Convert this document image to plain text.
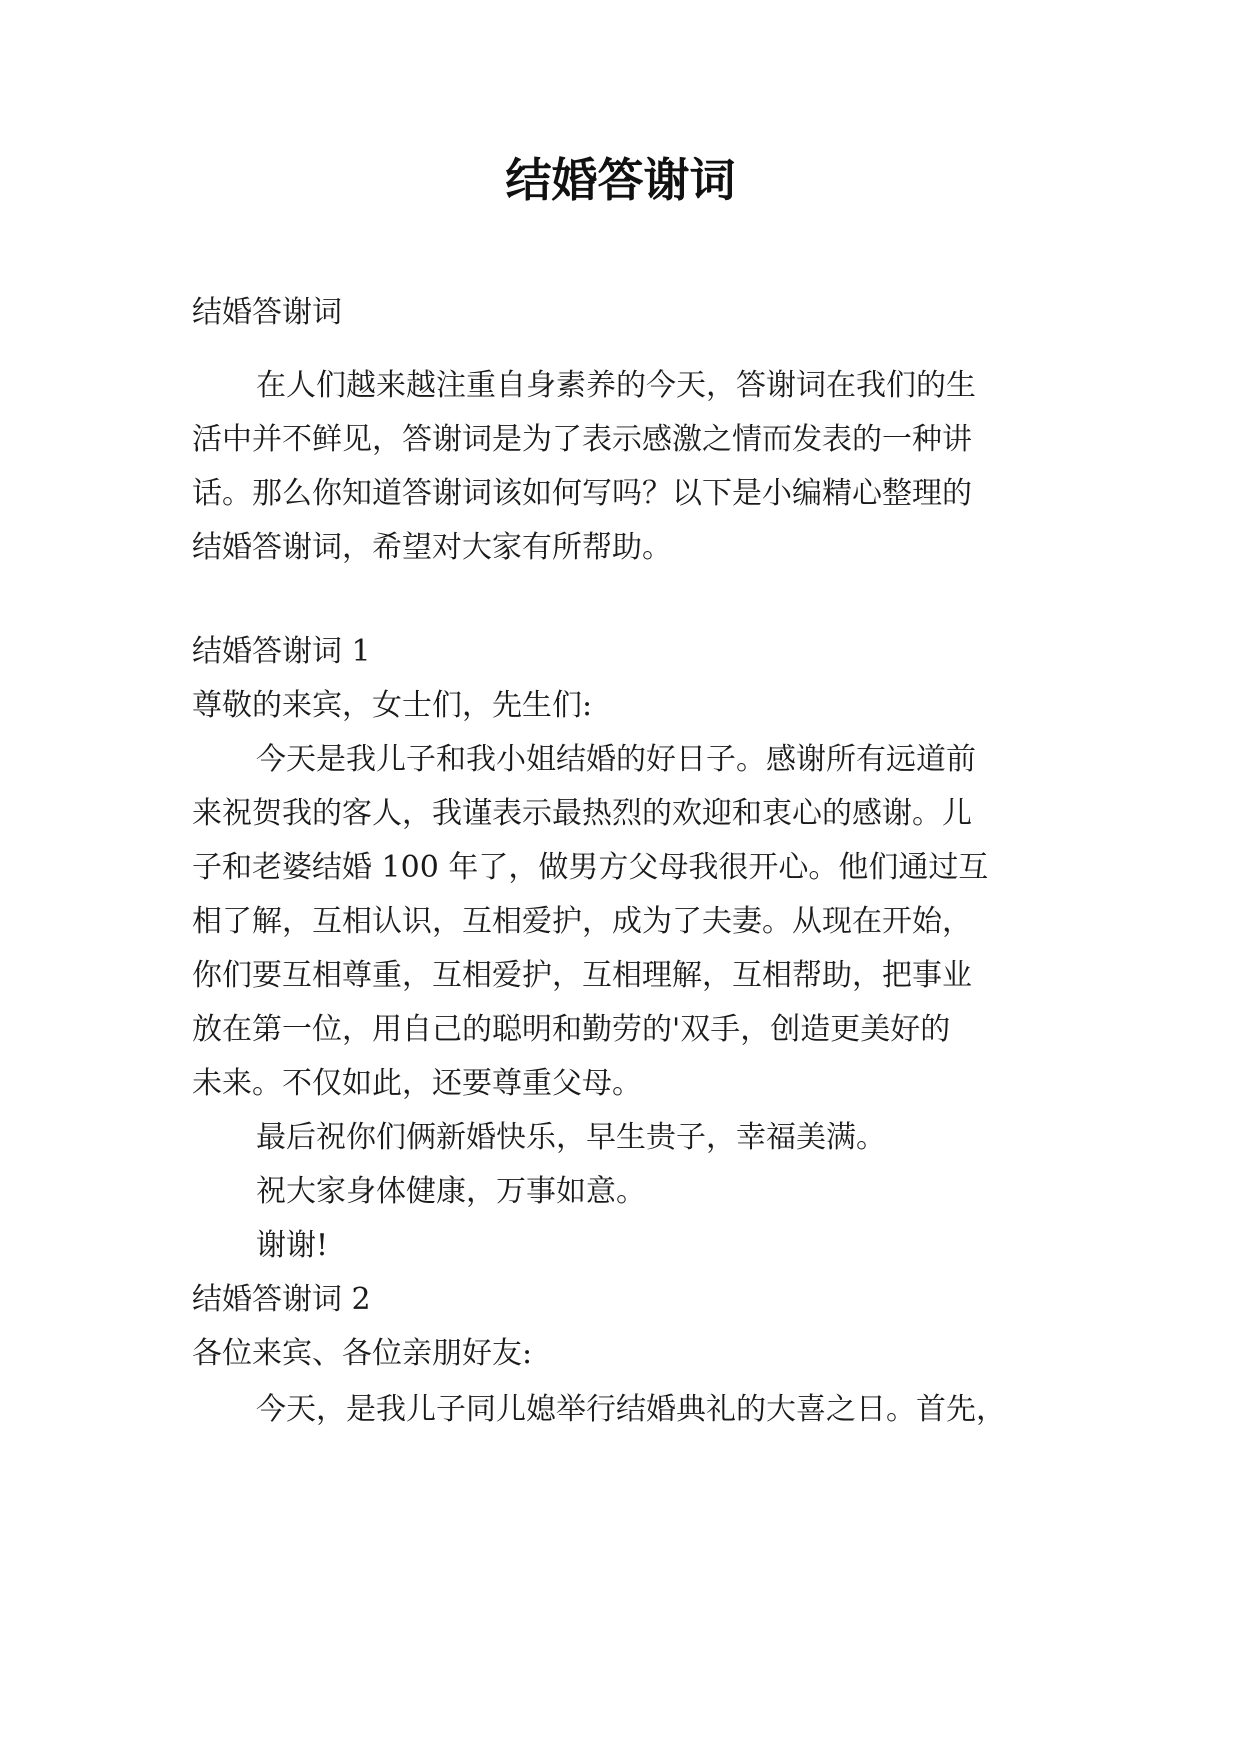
结婚答谢词
结婚答谢词
在人们越来越注重自身素养的今天，答谢词在我们的生
活中并不鲜见，答谢词是为了表示感激之情而发表的一种讲
话。那么你知道答谢词该如何写吗？以下是小编精心整理的
结婚答谢词，希望对大家有所帮助。
结婚答谢词 1
尊敬的来宾，女士们，先生们:
今天是我儿子和我小姐结婚的好日子。感谢所有远道前
来祝贺我的客人，我谨表示最热烈的欢迎和衷心的感谢。儿
子和老婆结婚 100 年了，做男方父母我很开心。他们通过互
相了解，互相认识，互相爱护，成为了夫妻。从现在开始，
你们要互相尊重，互相爱护，互相理解，互相帮助，把事业
放在第一位，用自己的聪明和勤劳的'双手，创造更美好的
未来。不仅如此，还要尊重父母。
最后祝你们俩新婚快乐，早生贵子，幸福美满。
祝大家身体健康，万事如意。
谢谢!
结婚答谢词 2
各位来宾、各位亲朋好友:
今天，是我儿子同儿媳举行结婚典礼的大喜之日。首先，
